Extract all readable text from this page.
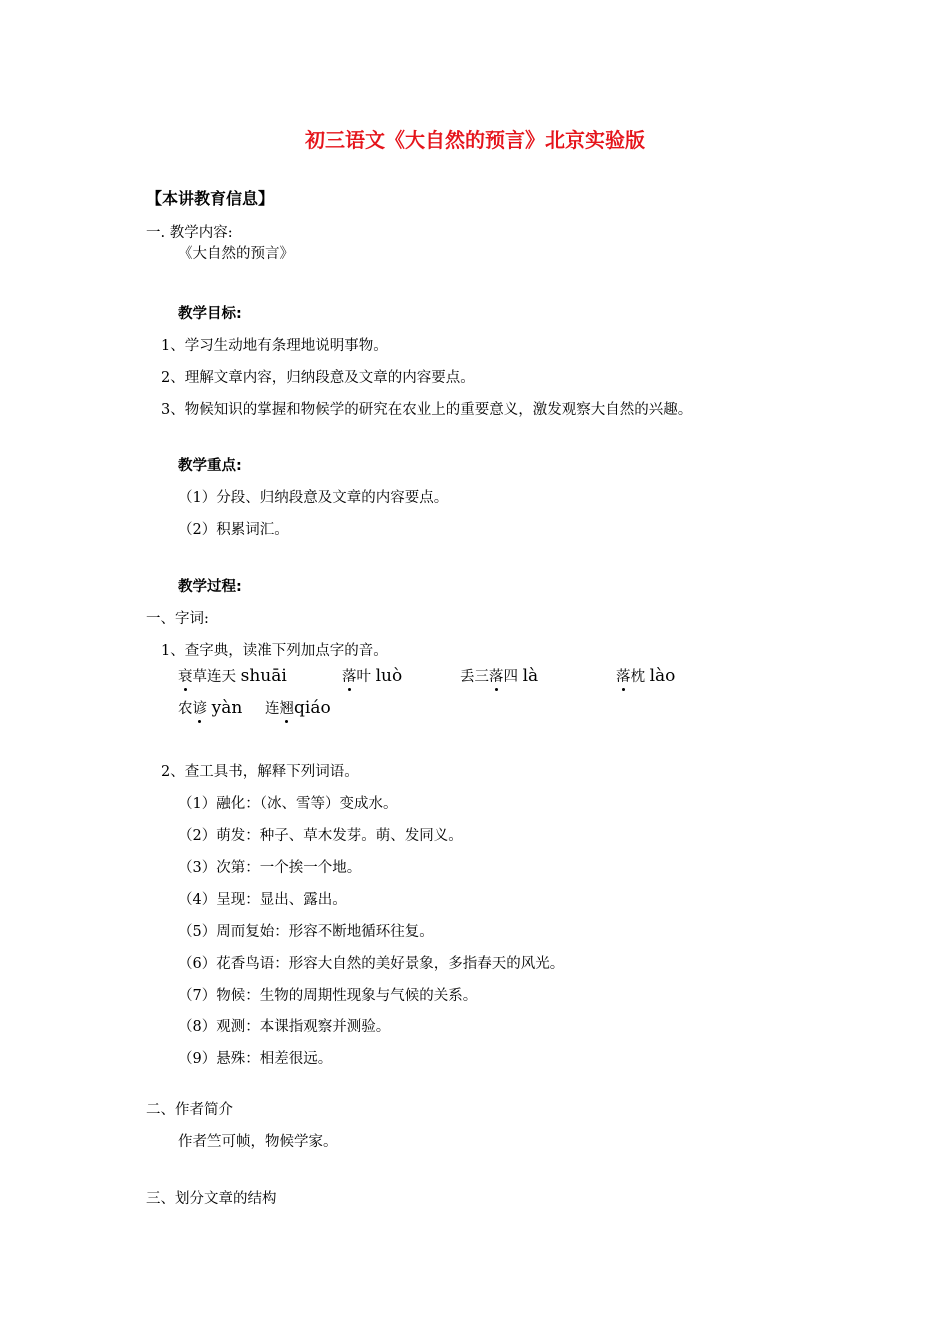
初三语文《大自然的预言》北京实验版
【本讲教育信息】
一. 教学内容:
《大自然的预言》
教学目标:
1、学习生动地有条理地说明事物。
2、理解文章内容，归纳段意及文章的内容要点。
3、物候知识的掌握和物候学的研究在农业上的重要意义，激发观察大自然的兴趣。
教学重点:
（1）分段、归纳段意及文章的内容要点。
（2）积累词汇。
教学过程:
一、字词:
1、查字典，读准下列加点字的音。
衰草连天 shuāi	落叶 luò	丢三落四 là	落枕 lào
农谚 yàn 连翘qiáo
2、查工具书，解释下列词语。
（1）融化：（冰、雪等）变成水。
（2）萌发：种子、草木发芽。萌、发同义。
（3）次第：一个挨一个地。
（4）呈现：显出、露出。
（5）周而复始：形容不断地循环往复。
（6）花香鸟语：形容大自然的美好景象，多指春天的风光。
（7）物候：生物的周期性现象与气候的关系。
（8）观测：本课指观察并测验。
（9）悬殊：相差很远。
二、作者简介
作者竺可帧，物候学家。
三、划分文章的结构
